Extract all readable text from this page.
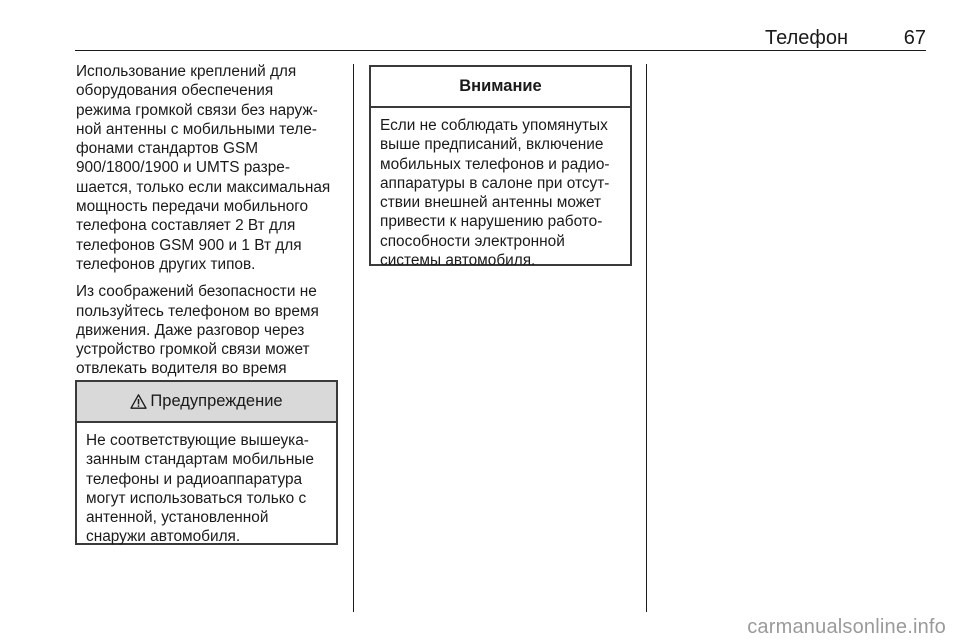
Телефон	67

Использование креплений для
оборудования обеспечения
режима громкой связи без наруж-
ной антенны с мобильными теле-
фонами стандартов GSM
900/1800/1900 и UMTS разре-
шается, только если максимальная
мощность передачи мобильного
телефона составляет 2 Вт для
телефонов GSM 900 и 1 Вт для
телефонов других типов.

Из соображений безопасности не
пользуйтесь телефоном во время
движения. Даже разговор через
устройство громкой связи может
отвлекать водителя во время

Предупреждение
Не соответствующие вышеука-
занным стандартам мобильные
телефоны и радиоаппаратура
могут использоваться только с
антенной, установленной
снаружи автомобиля.
Внимание
Если не соблюдать упомянутых
выше предписаний, включение
мобильных телефонов и радио-
аппаратуры в салоне при отсут-
ствии внешней антенны может
привести к нарушению работо-
способности электронной
системы автомобиля.
carmanualsonline.info
